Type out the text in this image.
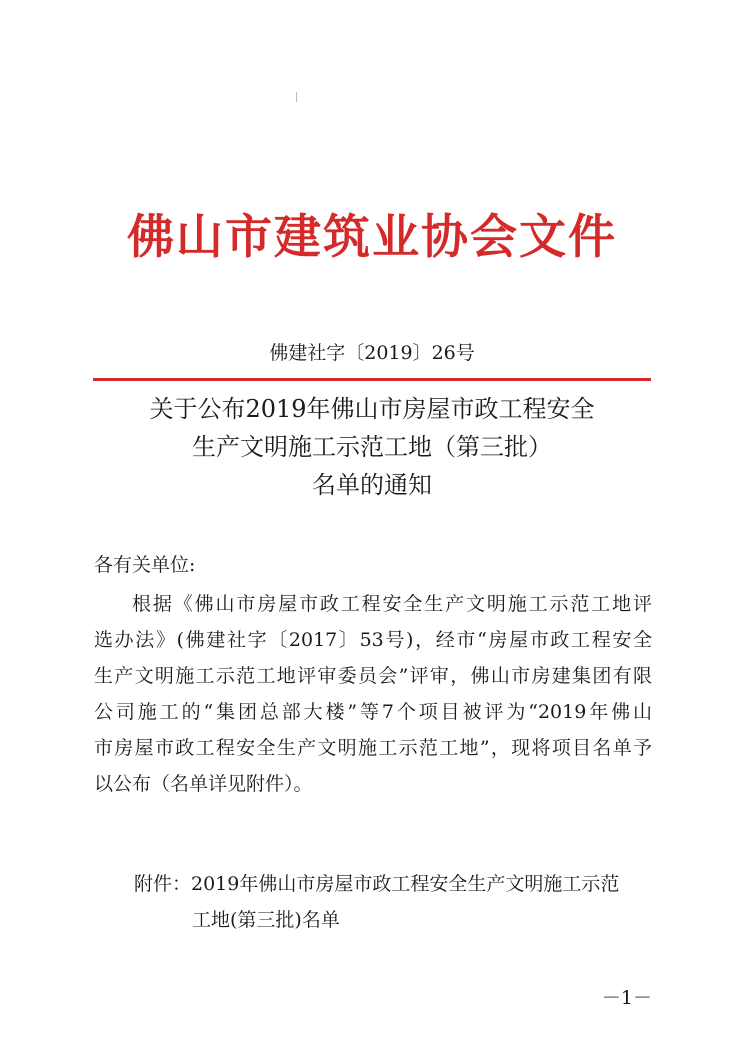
佛山市建筑业协会文件
佛建社字〔2019〕26号
关于公布2019年佛山市房屋市政工程安全
生产文明施工示范工地（第三批）
名单的通知
各有关单位:
根据《佛山市房屋市政工程安全生产文明施工示范工地评
选办法》(佛建社字〔2017〕53号)，经市“房屋市政工程安全
生产文明施工示范工地评审委员会”评审，佛山市房建集团有限
公司施工的“集团总部大楼”等7个项目被评为“2019年佛山
市房屋市政工程安全生产文明施工示范工地”，现将项目名单予
以公布（名单详见附件）。
附件：2019年佛山市房屋市政工程安全生产文明施工示范
工地(第三批)名单
－1－
